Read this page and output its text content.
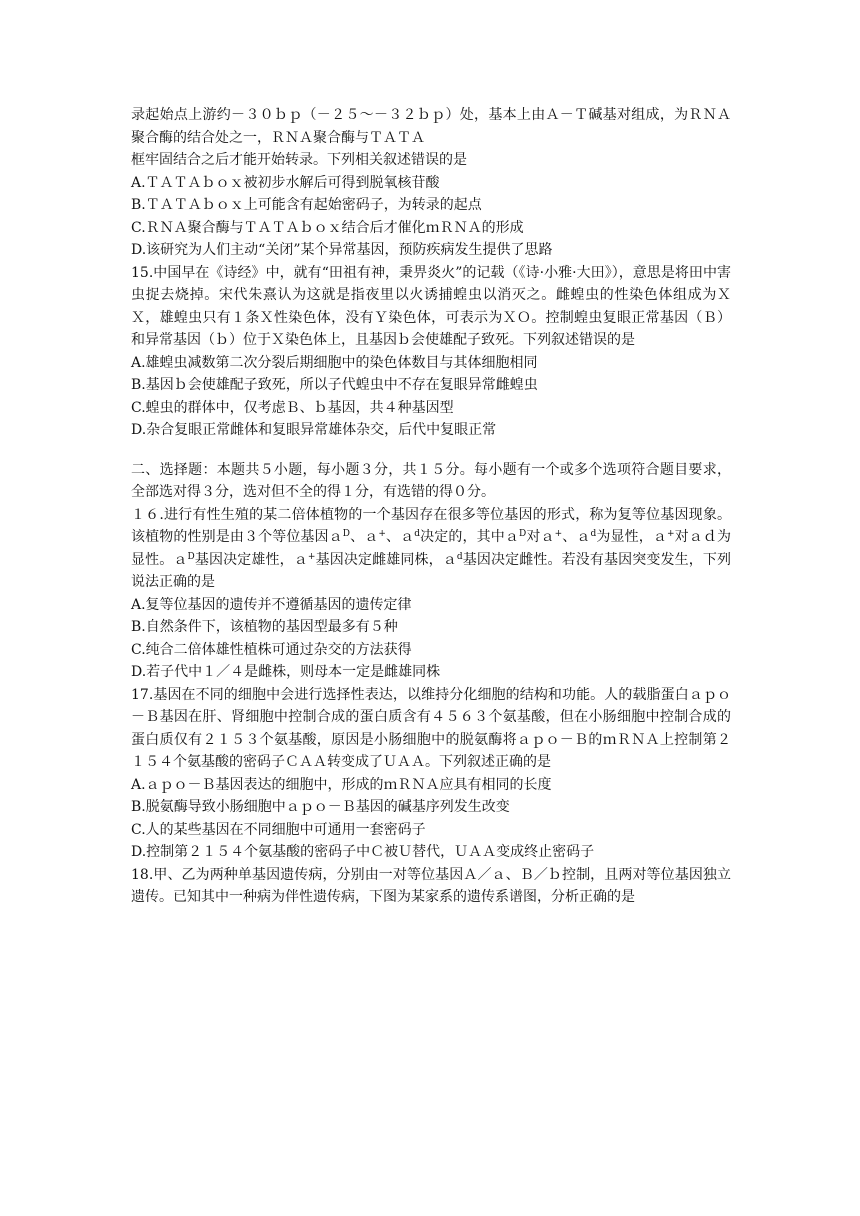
录起始点上游约－３０ｂｐ（－２５～－３２ｂｐ）处，基本上由Ａ－Ｔ碱基对组成，为ＲＮＡ聚合酶的结合处之一，ＲＮＡ聚合酶与ＴＡＴＡ

框牢固结合之后才能开始转录。下列相关叙述错误的是

A.ＴＡＴＡｂｏｘ被初步水解后可得到脱氧核苷酸

B.ＴＡＴＡｂｏｘ上可能含有起始密码子，为转录的起点

C.ＲＮＡ聚合酶与ＴＡＴＡｂｏｘ结合后才催化ｍＲＮＡ的形成

D.该研究为人们主动“关闭”某个异常基因，预防疾病发生提供了思路

15.中国早在《诗经》中，就有“田祖有神，秉畀炎火”的记载（《诗·小雅·大田》），意思是将田中害虫捉去烧掉。宋代朱熹认为这就是指夜里以火诱捕蝗虫以消灭之。雌蝗虫的性染色体组成为ＸＸ，雄蝗虫只有１条Ｘ性染色体，没有Ｙ染色体，可表示为ＸＯ。控制蝗虫复眼正常基因（Ｂ）和异常基因（ｂ）位于Ｘ染色体上，且基因ｂ会使雄配子致死。下列叙述错误的是

A.雄蝗虫减数第二次分裂后期细胞中的染色体数目与其体细胞相同

B.基因ｂ会使雄配子致死，所以子代蝗虫中不存在复眼异常雌蝗虫

C.蝗虫的群体中，仅考虑Ｂ、ｂ基因，共４种基因型

D.杂合复眼正常雌体和复眼异常雄体杂交，后代中复眼正常

二、选择题：本题共５小题，每小题３分，共１５分。每小题有一个或多个选项符合题目要求，全部选对得３分，选对但不全的得１分，有选错的得０分。

１６.进行有性生殖的某二倍体植物的一个基因存在很多等位基因的形式，称为复等位基因现象。该植物的性别是由３个等位基因ａ$^D$、ａ+、ａ$^d$决定的，其中ａ$^D$对ａ+、ａ$^d$为显性，ａ+对ａｄ为显性。ａ$^D$基因决定雄性，ａ+基因决定雌雄同株，ａ$^d$基因决定雌性。若没有基因突变发生，下列说法正确的是

A.复等位基因的遗传并不遵循基因的遗传定律

B.自然条件下，该植物的基因型最多有５种

C.纯合二倍体雄性植株可通过杂交的方法获得

D.若子代中１／４是雌株，则母本一定是雌雄同株

17.基因在不同的细胞中会进行选择性表达，以维持分化细胞的结构和功能。人的载脂蛋白ａｐｏ－Ｂ基因在肝、肾细胞中控制合成的蛋白质含有４５６３个氨基酸，但在小肠细胞中控制合成的蛋白质仅有２１５３个氨基酸，原因是小肠细胞中的脱氨酶将ａｐｏ－Ｂ的ｍＲＮＡ上控制第２１５４个氨基酸的密码子ＣＡＡ转变成了ＵＡＡ。下列叙述正确的是

A.ａｐｏ－Ｂ基因表达的细胞中，形成的ｍＲＮＡ应具有相同的长度

B.脱氨酶导致小肠细胞中ａｐｏ－Ｂ基因的碱基序列发生改变

C.人的某些基因在不同细胞中可通用一套密码子

D.控制第２１５４个氨基酸的密码子中Ｃ被Ｕ替代，ＵＡＡ变成终止密码子

18.甲、乙为两种单基因遗传病，分别由一对等位基因Ａ／ａ、Ｂ／ｂ控制，且两对等位基因独立遗传。已知其中一种病为伴性遗传病，下图为某家系的遗传系谱图，分析正确的是
